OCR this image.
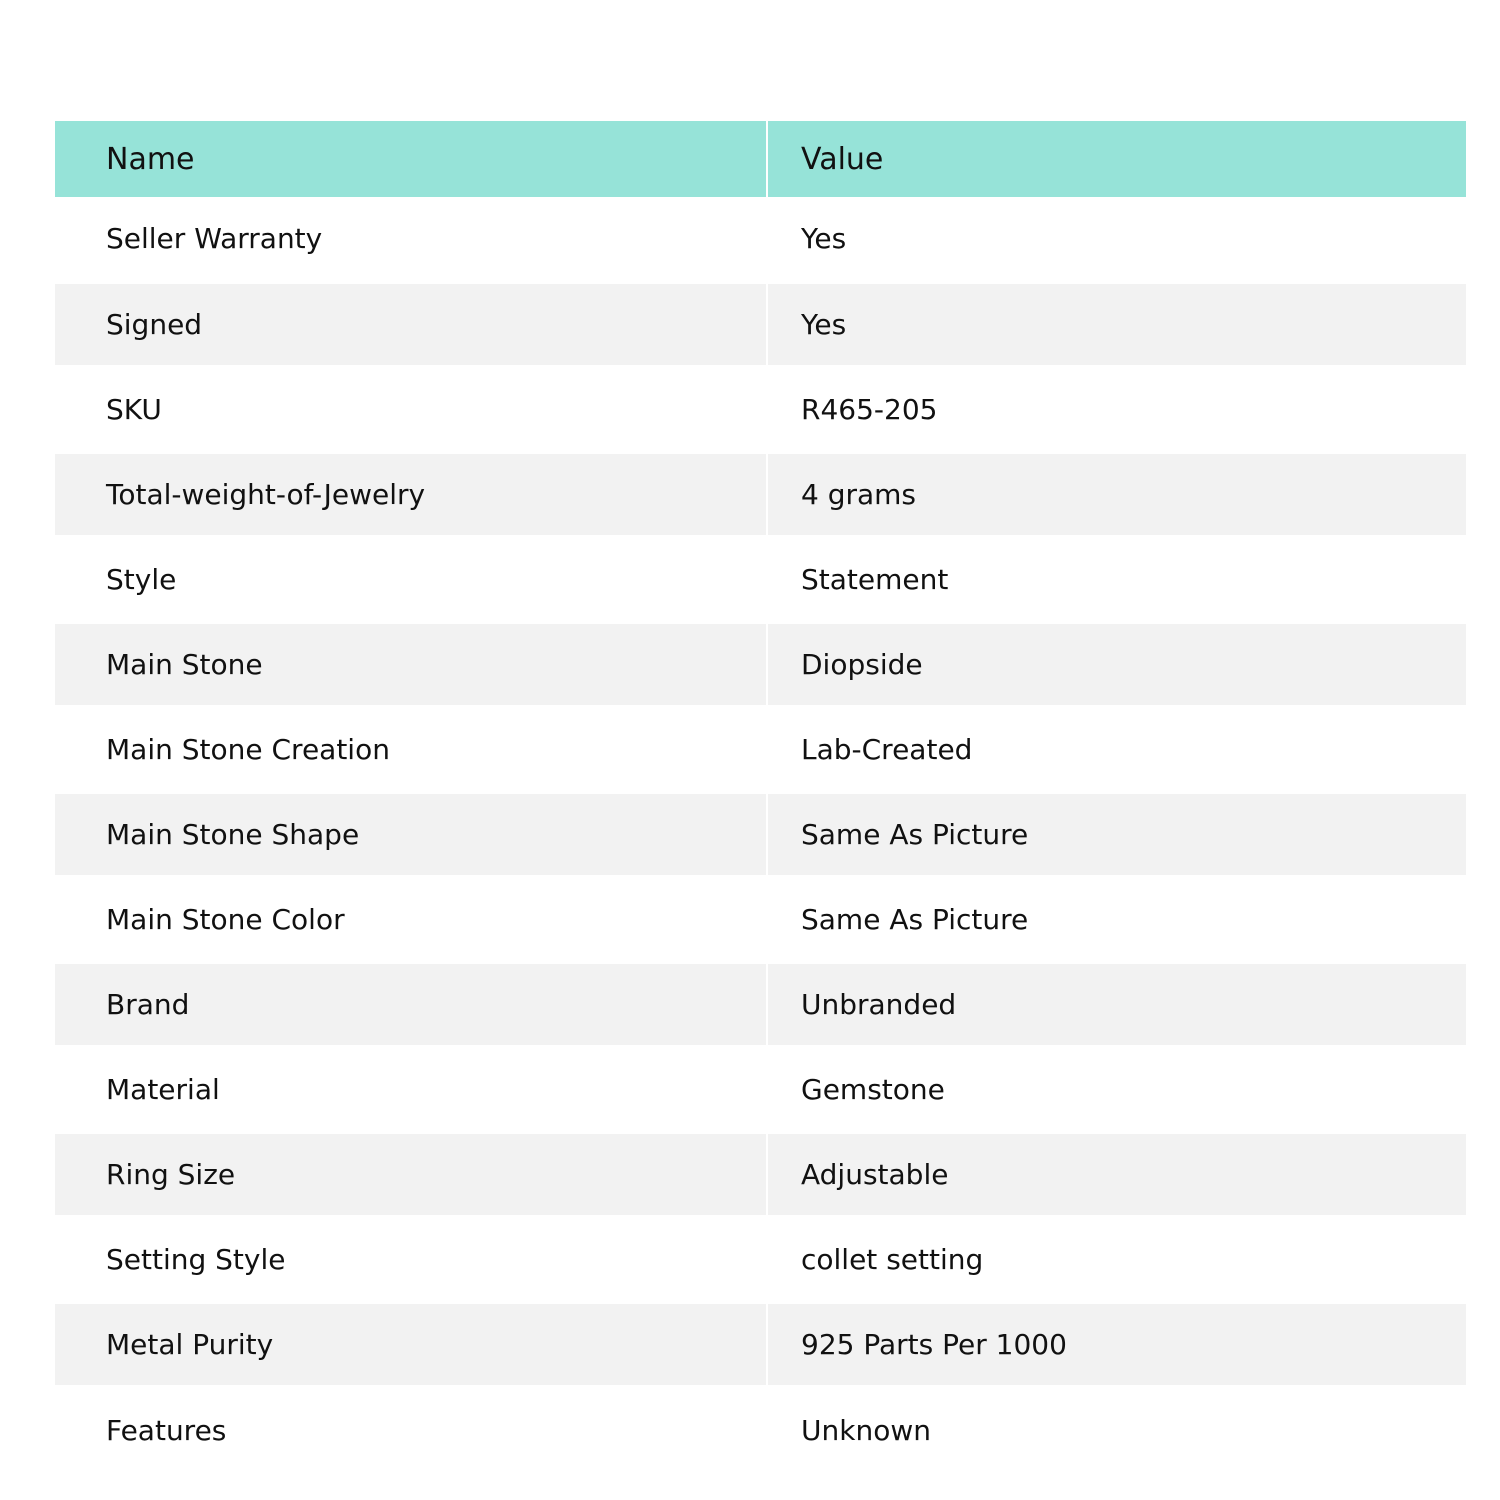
Name	Value
Seller Warranty	Yes
Signed	Yes
SKU	R465-205
Total-weight-of-Jewelry	4 grams
Style	Statement
Main Stone	Diopside
Main Stone Creation	Lab-Created
Main Stone Shape	Same As Picture
Main Stone Color	Same As Picture
Brand	Unbranded
Material	Gemstone
Ring Size	Adjustable
Setting Style	collet setting
Metal Purity	925 Parts Per 1000
Features	Unknown
